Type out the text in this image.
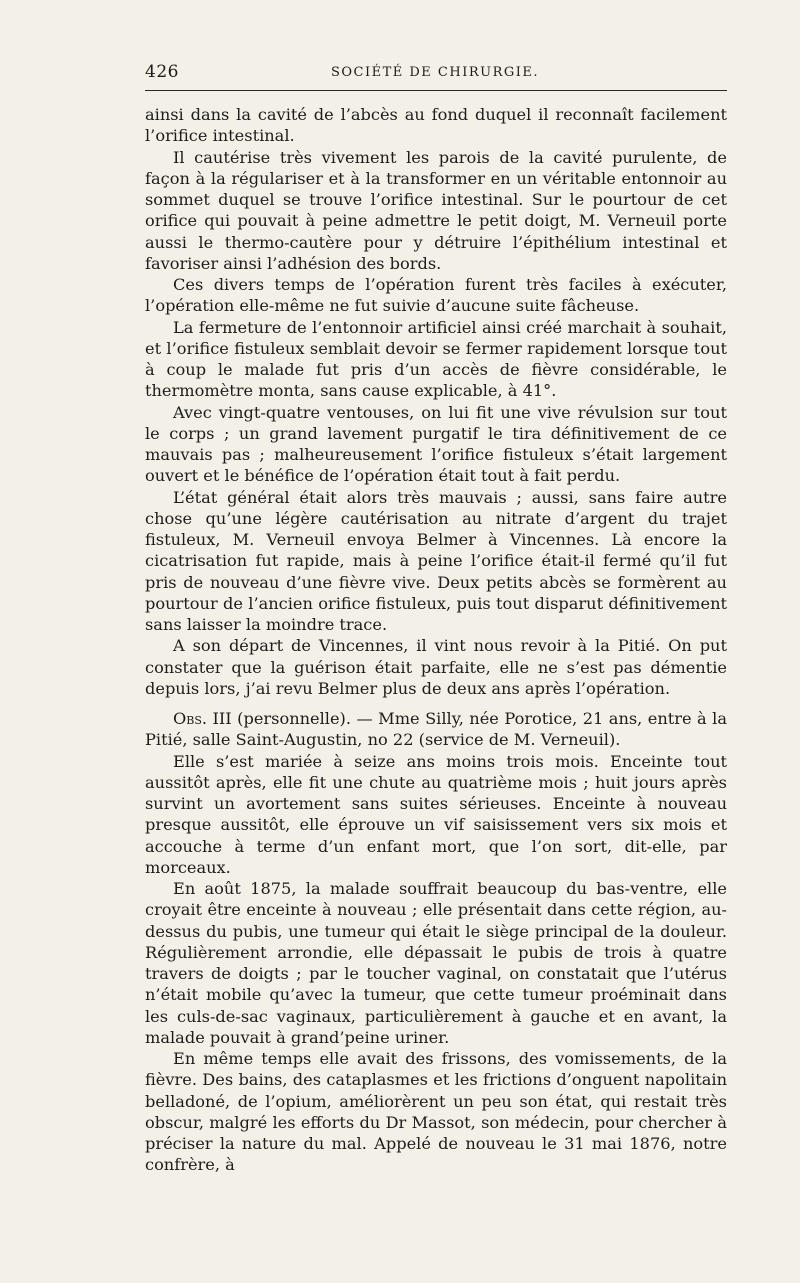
426	SOCIÉTÉ DE CHIRURGIE.

ainsi dans la cavité de l’abcès au fond duquel il reconnaît facilement l’orifice intestinal.

Il cautérise très vivement les parois de la cavité purulente, de façon à la régulariser et à la transformer en un véritable entonnoir au sommet duquel se trouve l’orifice intestinal. Sur le pourtour de cet orifice qui pouvait à peine admettre le petit doigt, M. Verneuil porte aussi le thermo-cautère pour y détruire l’épithélium intestinal et favoriser ainsi l’adhésion des bords.

Ces divers temps de l’opération furent très faciles à exécuter, l’opération elle-même ne fut suivie d’aucune suite fâcheuse.

La fermeture de l’entonnoir artificiel ainsi créé marchait à souhait, et l’orifice fistuleux semblait devoir se fermer rapidement lorsque tout à coup le malade fut pris d’un accès de fièvre considérable, le thermomètre monta, sans cause explicable, à 41°.

Avec vingt-quatre ventouses, on lui fit une vive révulsion sur tout le corps ; un grand lavement purgatif le tira définitivement de ce mauvais pas ; malheureusement l’orifice fistuleux s’était largement ouvert et le bénéfice de l’opération était tout à fait perdu.

L’état général était alors très mauvais ; aussi, sans faire autre chose qu’une légère cautérisation au nitrate d’argent du trajet fistuleux, M. Verneuil envoya Belmer à Vincennes. Là encore la cicatrisation fut rapide, mais à peine l’orifice était-il fermé qu’il fut pris de nouveau d’une fièvre vive. Deux petits abcès se formèrent au pourtour de l’ancien orifice fistuleux, puis tout disparut définitivement sans laisser la moindre trace.

A son départ de Vincennes, il vint nous revoir à la Pitié. On put constater que la guérison était parfaite, elle ne s’est pas démentie depuis lors, j’ai revu Belmer plus de deux ans après l’opération.

Obs. III (personnelle). — Mme Silly, née Porotice, 21 ans, entre à la Pitié, salle Saint-Augustin, no 22 (service de M. Verneuil).

Elle s’est mariée à seize ans moins trois mois. Enceinte tout aussitôt après, elle fit une chute au quatrième mois ; huit jours après survint un avortement sans suites sérieuses. Enceinte à nouveau presque aussitôt, elle éprouve un vif saisissement vers six mois et accouche à terme d’un enfant mort, que l’on sort, dit-elle, par morceaux.

En août 1875, la malade souffrait beaucoup du bas-ventre, elle croyait être enceinte à nouveau ; elle présentait dans cette région, au-dessus du pubis, une tumeur qui était le siège principal de la douleur. Régulièrement arrondie, elle dépassait le pubis de trois à quatre travers de doigts ; par le toucher vaginal, on constatait que l’utérus n’était mobile qu’avec la tumeur, que cette tumeur proéminait dans les culs-de-sac vaginaux, particulièrement à gauche et en avant, la malade pouvait à grand’peine uriner.

En même temps elle avait des frissons, des vomissements, de la fièvre. Des bains, des cataplasmes et les frictions d’onguent napolitain belladoné, de l’opium, améliorèrent un peu son état, qui restait très obscur, malgré les efforts du Dr Massot, son médecin, pour chercher à préciser la nature du mal. Appelé de nouveau le 31 mai 1876, notre confrère, à
